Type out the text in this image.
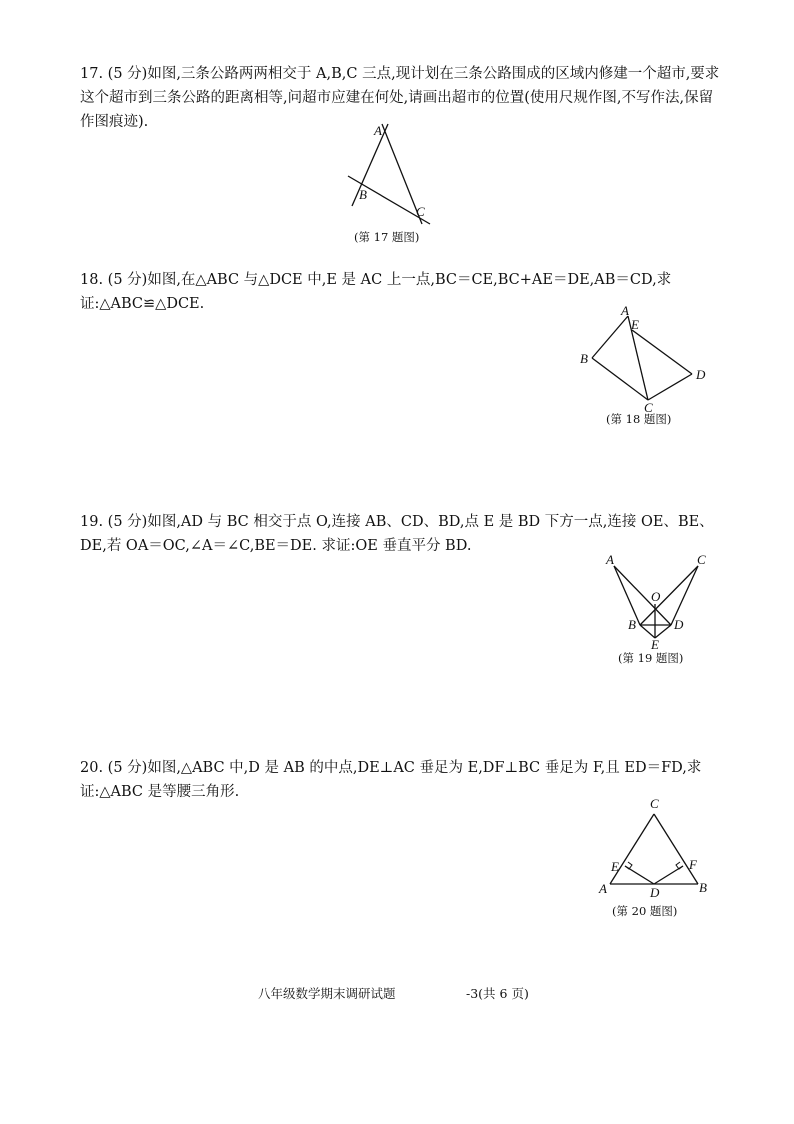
17. (5 分)如图,三条公路两两相交于 A,B,C 三点,现计划在三条公路围成的区域内修建一个超市,要求这个超市到三条公路的距离相等,问超市应建在何处,请画出超市的位置(使用尺规作图,不写作法,保留作图痕迹).
A
B
C
(第 17 题图)
18. (5 分)如图,在△ABC 与△DCE 中,E 是 AC 上一点,BC＝CE,BC+AE＝DE,AB＝CD,求证:△ABC≌△DCE.	A
E
B
C
D
(第 18 题图)
19. (5 分)如图,AD 与 BC 相交于点 O,连接 AB、CD、BD,点 E 是 BD 下方一点,连接 OE、BE、DE,若 OA＝OC,∠A＝∠C,BE＝DE. 求证:OE 垂直平分 BD.
A	C
O
B	D
E
(第 19 题图)
20. (5 分)如图,△ABC 中,D 是 AB 的中点,DE⊥AC 垂足为 E,DF⊥BC 垂足为 F,且 ED＝FD,求证:△ABC 是等腰三角形.
C
E	F
A	D	B
(第 20 题图)
八年级数学期末调研试题	-3(共 6 页)
